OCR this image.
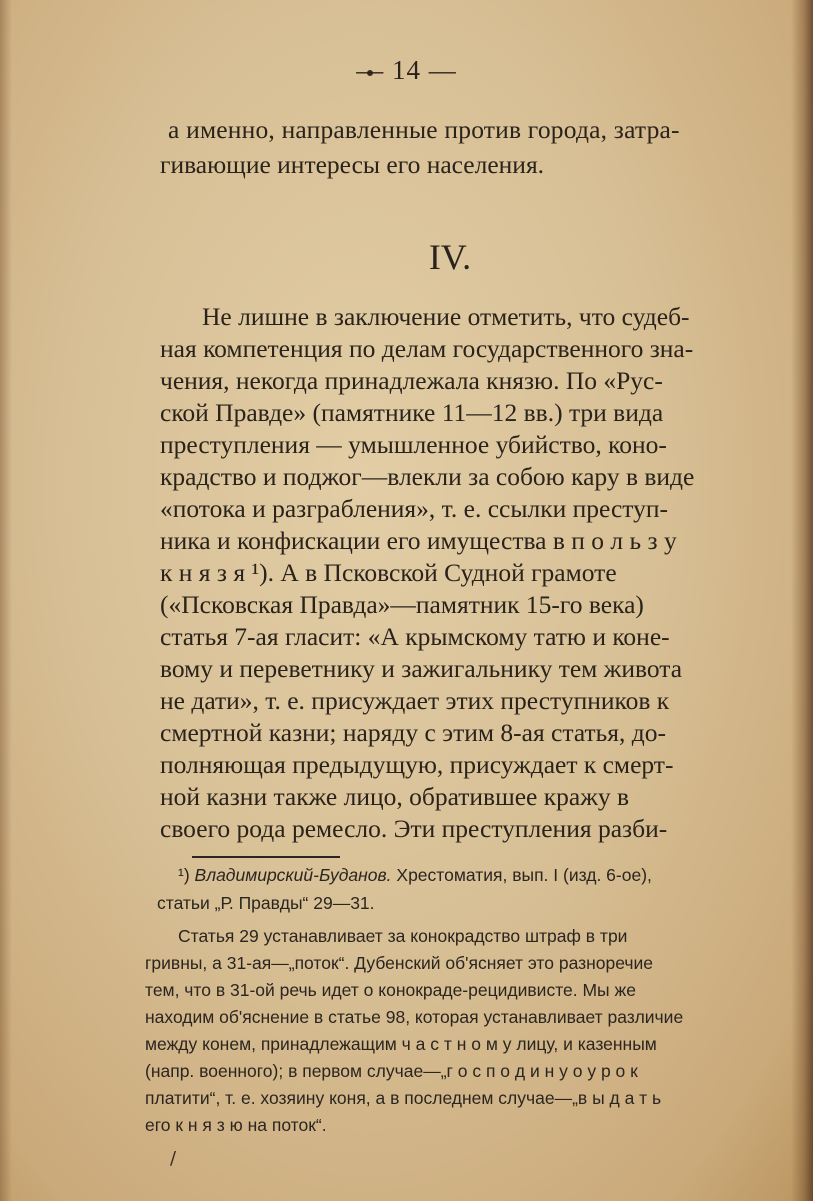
— 14 —
а именно, направленные против города, затра-
гивающие интересы его населения.
IV.
Не лишне в заключение отметить, что судеб-
ная компетенция по делам государственного зна-
чения, некогда принадлежала князю. По «Рус-
ской Правде» (памятнике 11—12 вв.) три вида
преступления — умышленное убийство, коно-
крадство и поджог—влекли за собою кару в виде
«потока и разграбления», т. е. ссылки преступ-
ника и конфискации его имущества в п о л ь з у
к н я з я ¹). А в Псковской Судной грамоте
(«Псковская Правда»—памятник 15-го века)
статья 7-ая гласит: «А крымскому татю и коне-
вому и переветнику и зажигальнику тем живота
не дати», т. е. присуждает этих преступников к
смертной казни; наряду с этим 8-ая статья, до-
полняющая предыдущую, присуждает к смерт-
ной казни также лицо, обратившее кражу в
своего рода ремесло. Эти преступления разби-
¹) Владимирский-Буданов. Хрестоматия, вып. I (изд. 6-ое),
статьи „Р. Правды“ 29—31.
Статья 29 устанавливает за конокрадство штраф в три
гривны, а 31-ая—„поток“. Дубенский об'ясняет это разноречие
тем, что в 31-ой речь идет о конокраде-рецидивисте. Мы же
находим об'яснение в статье 98, которая устанавливает различие
между конем, принадлежащим ч а с т н о м у лицу, и казенным
(напр. военного); в первом случае—„г о с п о д и н у о у р о к
платити“, т. е. хозяину коня, а в последнем случае—„в ы д а т ь
его к н я з ю на поток“.
/
